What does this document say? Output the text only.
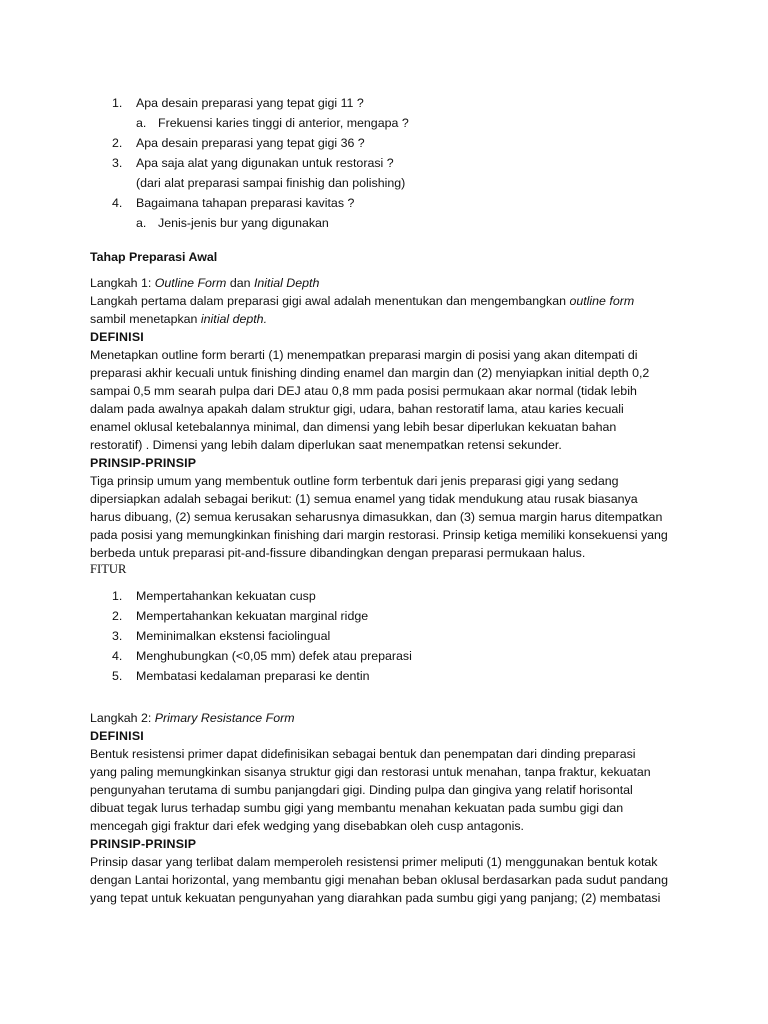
1. Apa desain preparasi yang tepat gigi 11 ?
a. Frekuensi karies tinggi di anterior, mengapa ?
2. Apa desain preparasi yang tepat gigi 36 ?
3. Apa saja alat yang digunakan untuk restorasi ?
(dari alat preparasi sampai finishig dan polishing)
4. Bagaimana tahapan preparasi kavitas ?
a. Jenis-jenis bur yang digunakan
Tahap Preparasi Awal
Langkah 1: Outline Form dan Initial Depth
Langkah pertama dalam preparasi gigi awal adalah menentukan dan mengembangkan outline form
sambil menetapkan initial depth.
DEFINISI
Menetapkan outline form berarti (1) menempatkan preparasi margin di posisi yang akan ditempati di
preparasi akhir kecuali untuk finishing dinding enamel dan margin dan (2) menyiapkan initial depth 0,2
sampai 0,5 mm searah pulpa dari DEJ atau 0,8 mm pada posisi permukaan akar normal (tidak lebih
dalam pada awalnya apakah dalam struktur gigi, udara, bahan restoratif lama, atau karies kecuali
enamel oklusal ketebalannya minimal, dan dimensi yang lebih besar diperlukan kekuatan bahan
restoratif) . Dimensi yang lebih dalam diperlukan saat menempatkan retensi sekunder.
PRINSIP-PRINSIP
Tiga prinsip umum yang membentuk outline form terbentuk dari jenis preparasi gigi yang sedang
dipersiapkan adalah sebagai berikut: (1) semua enamel yang tidak mendukung atau rusak biasanya
harus dibuang, (2) semua kerusakan seharusnya dimasukkan, dan (3) semua margin harus ditempatkan
pada posisi yang memungkinkan finishing dari margin restorasi. Prinsip ketiga memiliki konsekuensi yang
berbeda untuk preparasi pit-and-fissure dibandingkan dengan preparasi permukaan halus.
FITUR
1. Mempertahankan kekuatan cusp
2. Mempertahankan kekuatan marginal ridge
3. Meminimalkan ekstensi faciolingual
4. Menghubungkan (<0,05 mm) defek atau preparasi
5. Membatasi kedalaman preparasi ke dentin
Langkah 2: Primary Resistance Form
DEFINISI
Bentuk resistensi primer dapat didefinisikan sebagai bentuk dan penempatan dari dinding preparasi
yang paling memungkinkan sisanya struktur gigi dan restorasi untuk menahan, tanpa fraktur, kekuatan
pengunyahan terutama di sumbu panjangdari gigi. Dinding pulpa dan gingiva yang relatif horisontal
dibuat tegak lurus terhadap sumbu gigi yang membantu menahan kekuatan pada sumbu gigi dan
mencegah gigi fraktur dari efek wedging yang disebabkan oleh cusp antagonis.
PRINSIP-PRINSIP
Prinsip dasar yang terlibat dalam memperoleh resistensi primer meliputi (1) menggunakan bentuk kotak
dengan Lantai horizontal, yang membantu gigi menahan beban oklusal berdasarkan pada sudut pandang
yang tepat untuk kekuatan pengunyahan yang diarahkan pada sumbu gigi yang panjang; (2) membatasi
